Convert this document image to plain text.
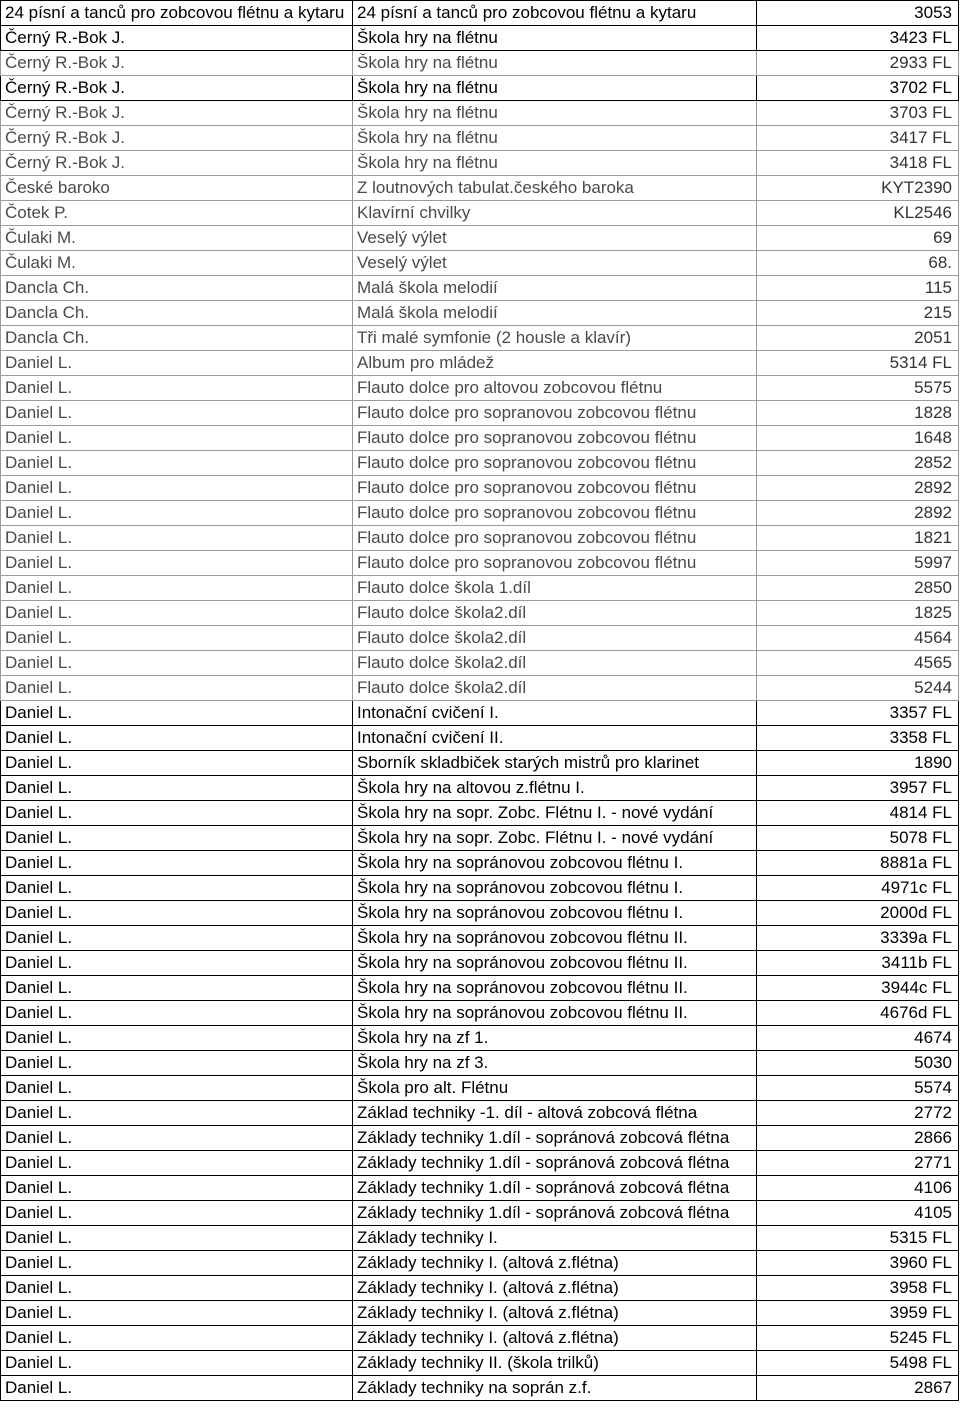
24 písní a tanců pro zobcovou flétnu a kytaru	24 písní a tanců pro zobcovou flétnu a kytaru	3053
Černý R.-Bok J.	Škola hry na flétnu	3423 FL
Černý R.-Bok J.	Škola hry na flétnu	2933 FL
Černý R.-Bok J.	Škola hry na flétnu	3702 FL
Černý R.-Bok J.	Škola hry na flétnu	3703 FL
Černý R.-Bok J.	Škola hry na flétnu	3417 FL
Černý R.-Bok J.	Škola hry na flétnu	3418 FL
České baroko	Z loutnových tabulat.českého baroka	KYT2390
Čotek P.	Klavírní chvilky	KL2546
Čulaki M.	Veselý výlet	69
Čulaki M.	Veselý výlet	68.
Dancla Ch.	Malá škola melodií	115
Dancla Ch.	Malá škola melodií	215
Dancla Ch.	Tři malé symfonie (2 housle a klavír)	2051
Daniel L.	Album pro mládež	5314 FL
Daniel L.	Flauto dolce pro altovou zobcovou flétnu	5575
Daniel L.	Flauto dolce pro sopranovou zobcovou flétnu	1828
Daniel L.	Flauto dolce pro sopranovou zobcovou flétnu	1648
Daniel L.	Flauto dolce pro sopranovou zobcovou flétnu	2852
Daniel L.	Flauto dolce pro sopranovou zobcovou flétnu	2892
Daniel L.	Flauto dolce pro sopranovou zobcovou flétnu	2892
Daniel L.	Flauto dolce pro sopranovou zobcovou flétnu	1821
Daniel L.	Flauto dolce pro sopranovou zobcovou flétnu	5997
Daniel L.	Flauto dolce škola 1.díl	2850
Daniel L.	Flauto dolce škola2.díl	1825
Daniel L.	Flauto dolce škola2.díl	4564
Daniel L.	Flauto dolce škola2.díl	4565
Daniel L.	Flauto dolce škola2.díl	5244
Daniel L.	Intonační cvičení I.	3357 FL
Daniel L.	Intonační cvičení II.	3358 FL
Daniel L.	Sborník skladbiček starých mistrů pro klarinet	1890
Daniel L.	Škola hry na altovou z.flétnu I.	3957 FL
Daniel L.	Škola hry na sopr. Zobc. Flétnu I. - nové vydání	4814 FL
Daniel L.	Škola hry na sopr. Zobc. Flétnu I. - nové vydání	5078 FL
Daniel L.	Škola hry na sopránovou zobcovou flétnu I.	8881a FL
Daniel L.	Škola hry na sopránovou zobcovou flétnu I.	4971c FL
Daniel L.	Škola hry na sopránovou zobcovou flétnu I.	2000d FL
Daniel L.	Škola hry na sopránovou zobcovou flétnu II.	3339a FL
Daniel L.	Škola hry na sopránovou zobcovou flétnu II.	3411b FL
Daniel L.	Škola hry na sopránovou zobcovou flétnu II.	3944c FL
Daniel L.	Škola hry na sopránovou zobcovou flétnu II.	4676d FL
Daniel L.	Škola hry na zf 1.	4674
Daniel L.	Škola hry na zf 3.	5030
Daniel L.	Škola pro alt. Flétnu	5574
Daniel L.	Základ techniky -1. díl - altová zobcová flétna	2772
Daniel L.	Základy techniky 1.díl - sopránová zobcová flétna	2866
Daniel L.	Základy techniky 1.díl - sopránová zobcová flétna	2771
Daniel L.	Základy techniky 1.díl - sopránová zobcová flétna	4106
Daniel L.	Základy techniky 1.díl - sopránová zobcová flétna	4105
Daniel L.	Základy techniky I.	5315 FL
Daniel L.	Základy techniky I. (altová z.flétna)	3960 FL
Daniel L.	Základy techniky I. (altová z.flétna)	3958 FL
Daniel L.	Základy techniky I. (altová z.flétna)	3959 FL
Daniel L.	Základy techniky I. (altová z.flétna)	5245 FL
Daniel L.	Základy techniky II. (škola trilků)	5498 FL
Daniel L.	Základy techniky na soprán z.f.	2867
